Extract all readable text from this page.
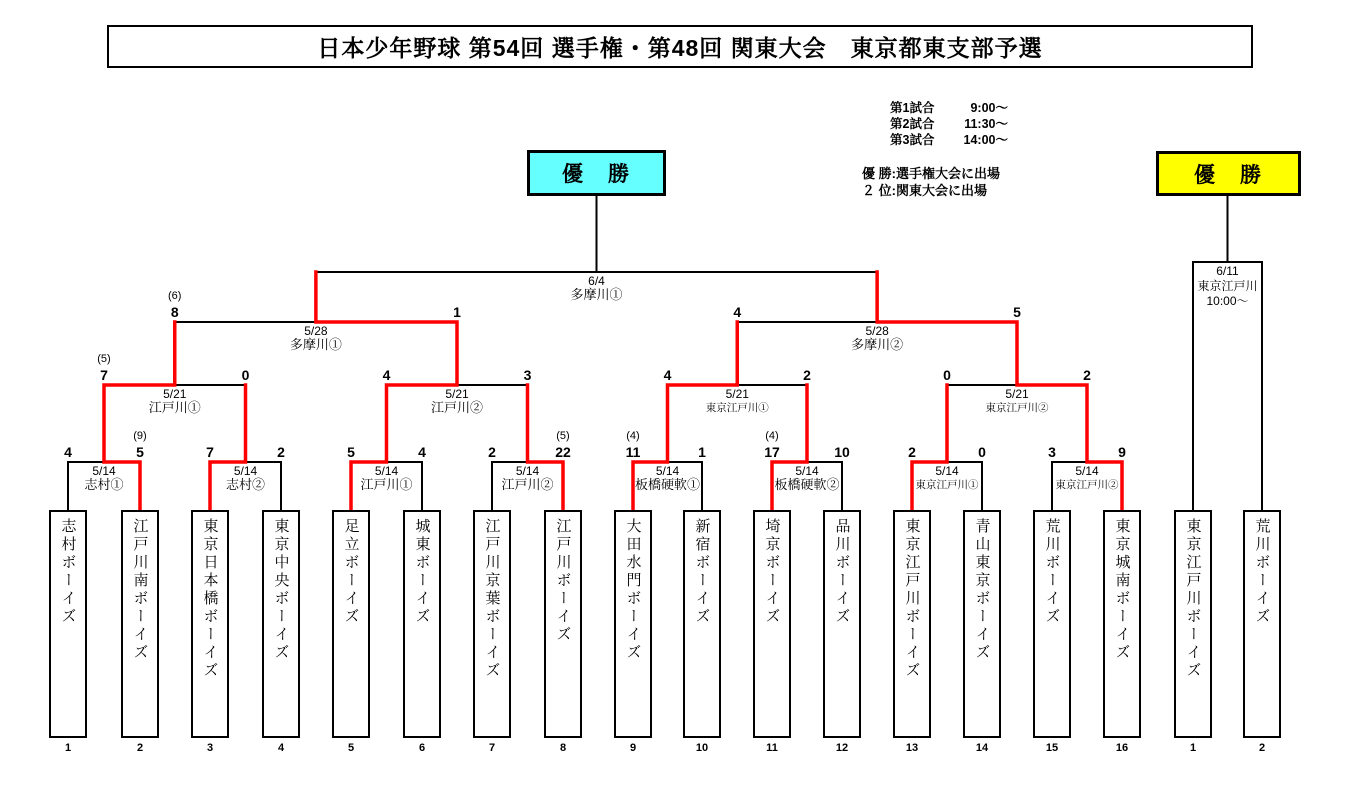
日本少年野球 第54回 選手権・第48回 関東大会　東京都東支部予選
第1試合	9:00～
第2試合	11:30～
第3試合	14:00～
優 勝:選手権大会に出場
２ 位:関東大会に出場
優　勝	優　勝
5/14
志村①
4	5
(9)
5/14
志村②
7	2
5/14
江戸川①
5	4
5/14
江戸川②
2	22
(5)
5/14
板橋硬軟①
11	1
(4)
5/14
板橋硬軟②
17	10
(4)
5/14
東京江戸川①
2	0
5/14
東京江戸川②
3	9
5/21
江戸川①
7	0
(5)
5/21
江戸川②
4	3
5/21
東京江戸川①
4	2
5/21
東京江戸川②
0	2
5/28
多摩川①
8	1
(6)
5/28
多摩川②
4	5
6/4
多摩川①
6/11
東京江戸川
10:00～
志村ボーイズ
1
江戸川南ボーイズ
2
東京日本橋ボーイズ
3
東京中央ボーイズ
4
足立ボーイズ
5
城東ボーイズ
6
江戸川京葉ボーイズ
7
江戸川ボーイズ
8
大田水門ボーイズ
9
新宿ボーイズ
10
埼京ボーイズ
11
品川ボーイズ
12
東京江戸川ボーイズ
13
青山東京ボーイズ
14
荒川ボーイズ
15
東京城南ボーイズ
16
東京江戸川ボーイズ
1
荒川ボーイズ
2
